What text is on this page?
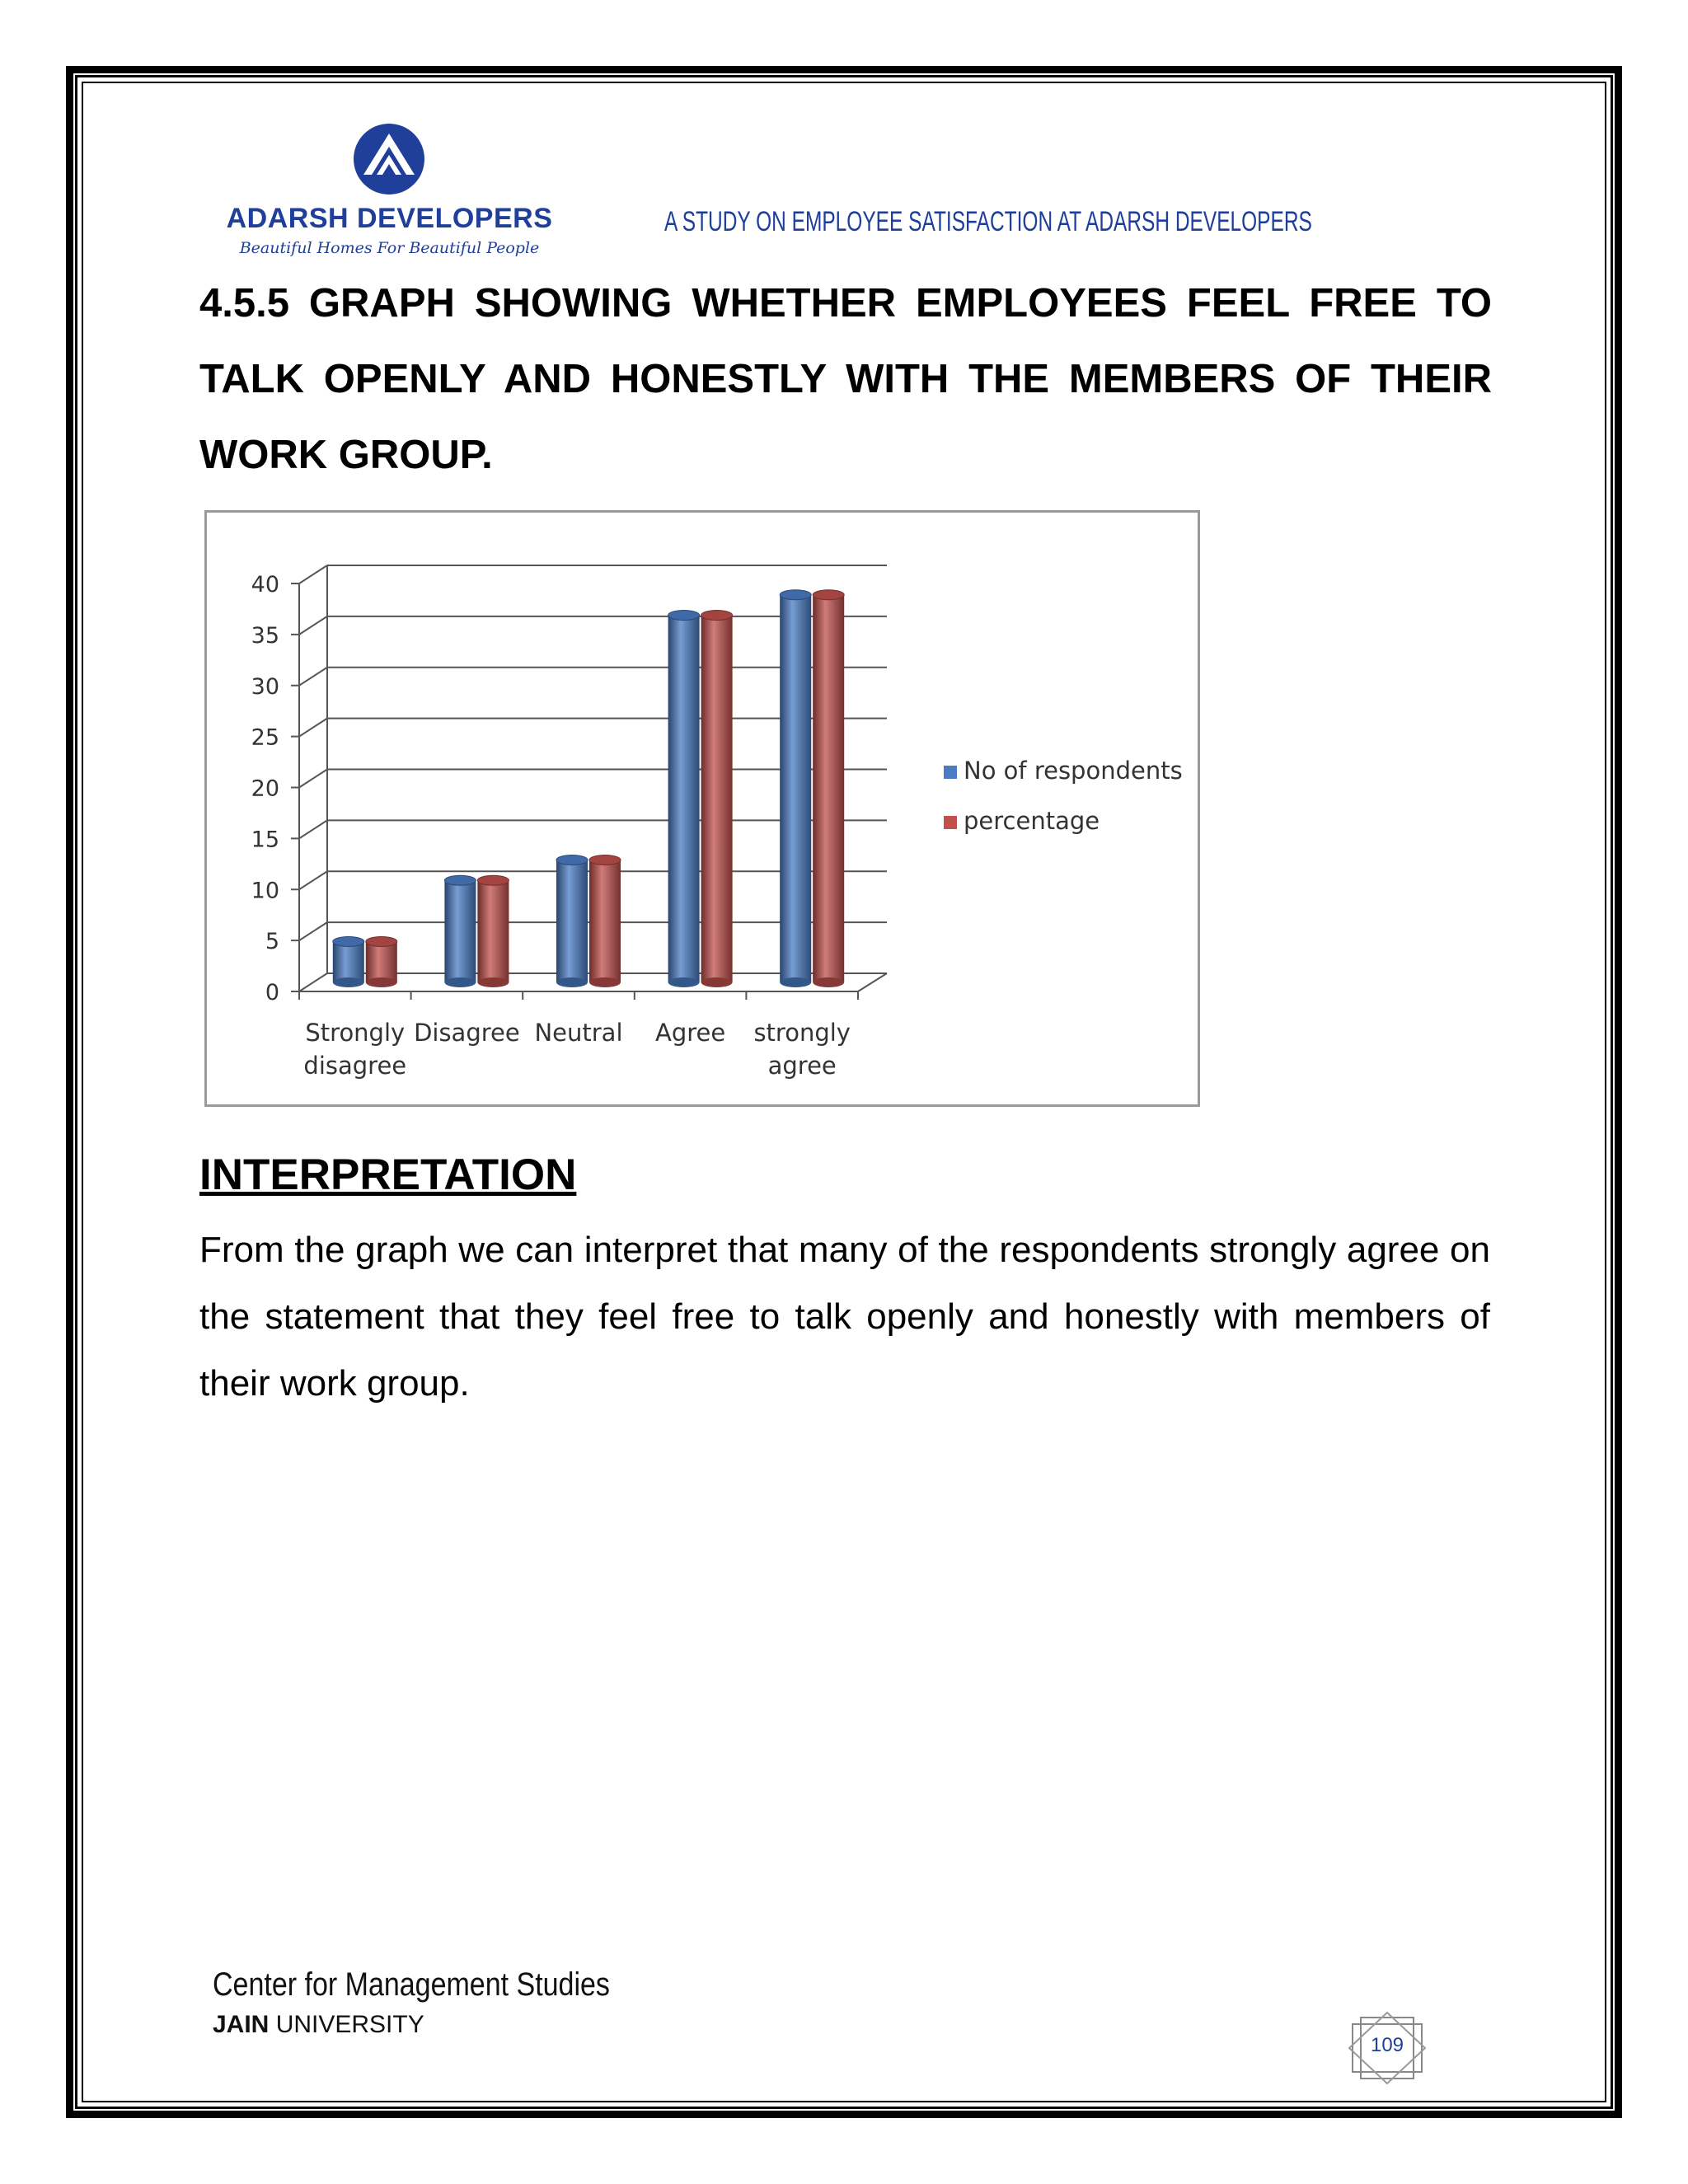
ADARSH DEVELOPERS
Beautiful Homes For Beautiful People
A STUDY ON EMPLOYEE SATISFACTION AT ADARSH DEVELOPERS

4.5.5 GRAPH SHOWING WHETHER EMPLOYEES FEEL FREE TO TALK OPENLY AND HONESTLY WITH THE MEMBERS OF THEIR WORK GROUP.

0
5
10
15
20
25
30
35
40
Strongly
disagree
Disagree Neutral Agree strongly
agree
No of respondents
percentage
INTERPRETATION

From the graph we can interpret that many of the respondents strongly agree on the statement that they feel free to talk openly and honestly with members of their work group.

Center for Management Studies
JAIN UNIVERSITY
109
